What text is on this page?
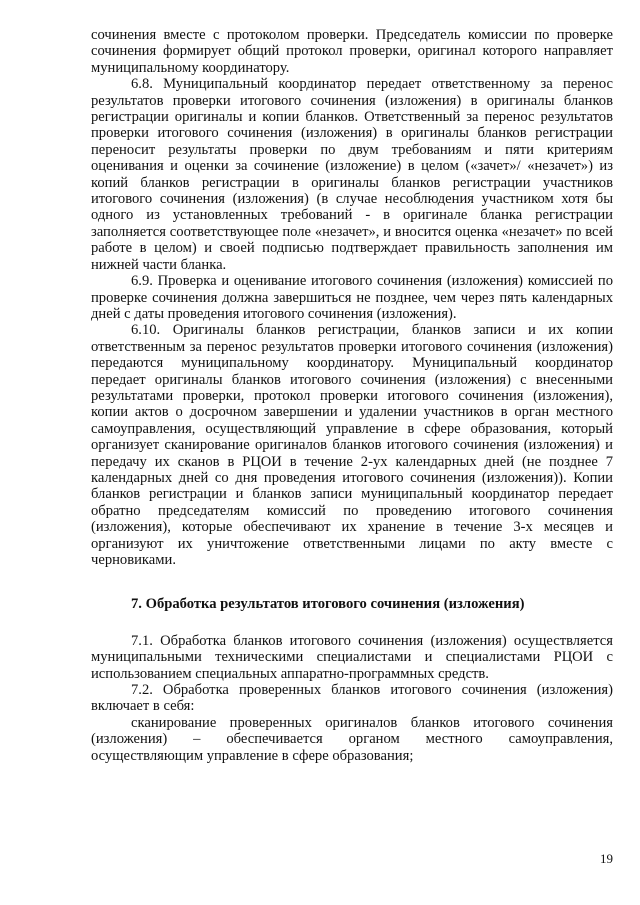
сочинения вместе с протоколом проверки. Председатель комиссии по проверке сочинения формирует общий протокол проверки, оригинал которого направляет муниципальному координатору.

6.8. Муниципальный координатор передает ответственному за перенос результатов проверки итогового сочинения (изложения) в оригиналы бланков регистрации оригиналы и копии бланков. Ответственный за перенос результатов проверки итогового сочинения (изложения) в оригиналы бланков регистрации переносит результаты проверки по двум требованиям и пяти критериям оценивания и оценки за сочинение (изложение) в целом («зачет»/ «незачет») из копий бланков регистрации в оригиналы бланков регистрации участников итогового сочинения (изложения) (в случае несоблюдения участником хотя бы одного из установленных требований - в оригинале бланка регистрации заполняется соответствующее поле «незачет», и вносится оценка «незачет» по всей работе в целом) и своей подписью подтверждает правильность заполнения им нижней части бланка.

6.9. Проверка и оценивание итогового сочинения (изложения) комиссией по проверке сочинения должна завершиться не позднее, чем через пять календарных дней с даты проведения итогового сочинения (изложения).

6.10. Оригиналы бланков регистрации, бланков записи и их копии ответственным за перенос результатов проверки итогового сочинения (изложения) передаются муниципальному координатору. Муниципальный координатор передает оригиналы бланков итогового сочинения (изложения) с внесенными результатами проверки, протокол проверки итогового сочинения (изложения), копии актов о досрочном завершении и удалении участников в орган местного самоуправления, осуществляющий управление в сфере образования, который организует сканирование оригиналов бланков итогового сочинения (изложения) и передачу их сканов в РЦОИ в течение 2-ух календарных дней (не позднее 7 календарных дней со дня проведения итогового сочинения (изложения)). Копии бланков регистрации и бланков записи муниципальный координатор передает обратно председателям комиссий по проведению итогового сочинения (изложения), которые обеспечивают их хранение в течение 3-х месяцев и организуют их уничтожение ответственными лицами по акту вместе с черновиками.

7. Обработка результатов итогового сочинения (изложения)

7.1. Обработка бланков итогового сочинения (изложения) осуществляется муниципальными техническими специалистами и специалистами РЦОИ с использованием специальных аппаратно-программных средств.

7.2. Обработка проверенных бланков итогового сочинения (изложения) включает в себя:

сканирование проверенных оригиналов бланков итогового сочинения (изложения) – обеспечивается органом местного самоуправления, осуществляющим управление в сфере образования;

19
